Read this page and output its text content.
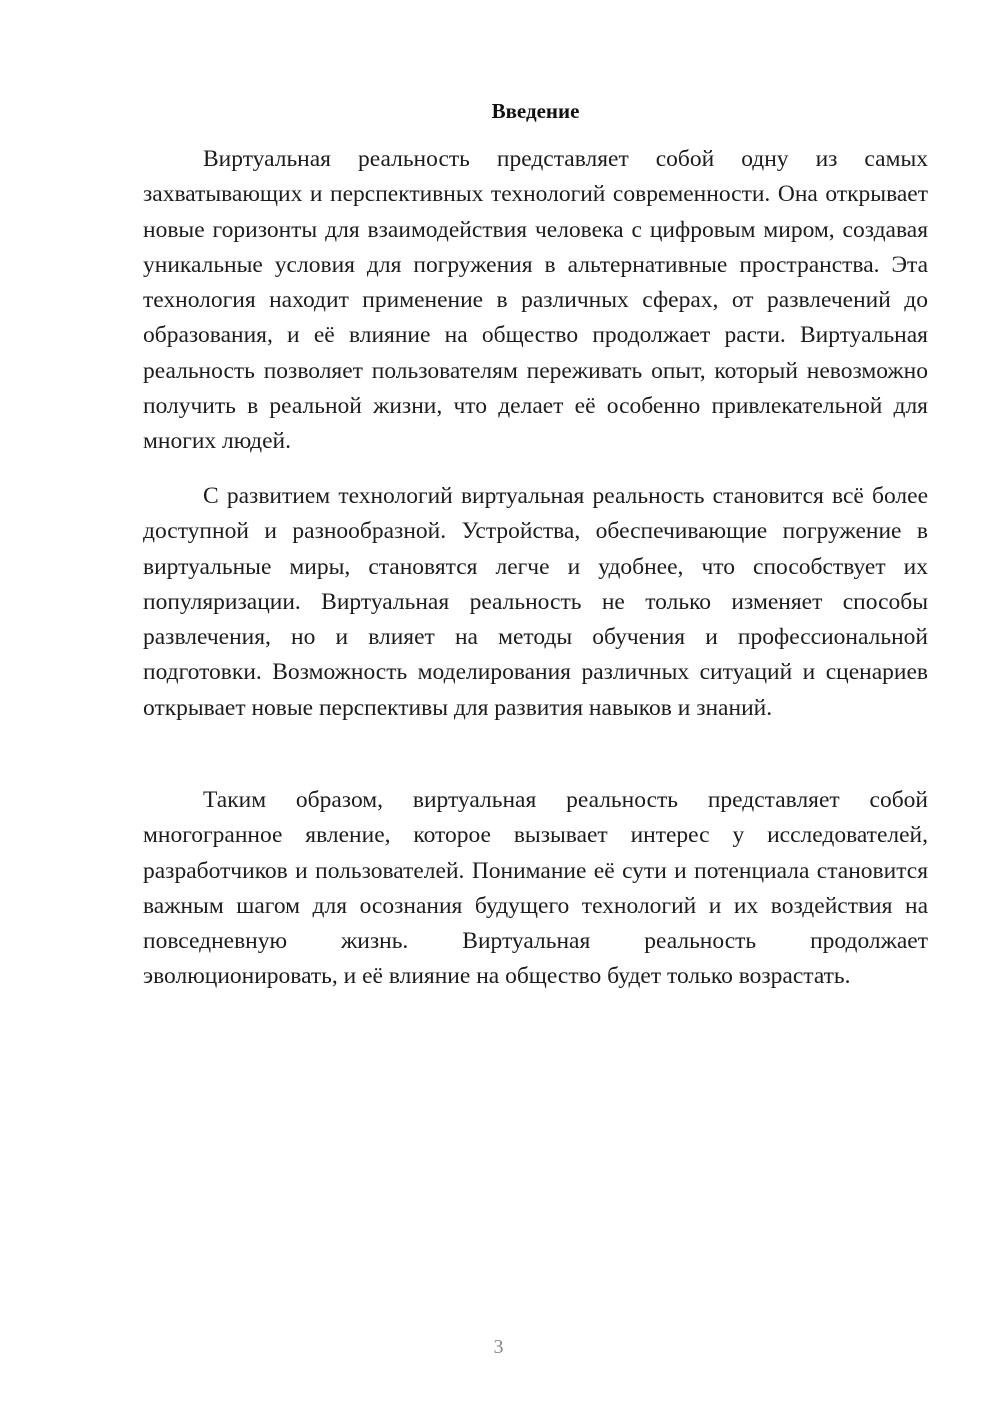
Введение

Виртуальная реальность представляет собой одну из самых захватывающих и перспективных технологий современности. Она открывает новые горизонты для взаимодействия человека с цифровым миром, создавая уникальные условия для погружения в альтернативные пространства. Эта технология находит применение в различных сферах, от развлечений до образования, и её влияние на общество продолжает расти. Виртуальная реальность позволяет пользователям переживать опыт, который невозможно получить в реальной жизни, что делает её особенно привлекательной для многих людей.

С развитием технологий виртуальная реальность становится всё более доступной и разнообразной. Устройства, обеспечивающие погружение в виртуальные миры, становятся легче и удобнее, что способствует их популяризации. Виртуальная реальность не только изменяет способы развлечения, но и влияет на методы обучения и профессиональной подготовки. Возможность моделирования различных ситуаций и сценариев открывает новые перспективы для развития навыков и знаний.

Таким образом, виртуальная реальность представляет собой многогранное явление, которое вызывает интерес у исследователей, разработчиков и пользователей. Понимание её сути и потенциала становится важным шагом для осознания будущего технологий и их воздействия на повседневную жизнь. Виртуальная реальность продолжает эволюционировать, и её влияние на общество будет только возрастать.

3
